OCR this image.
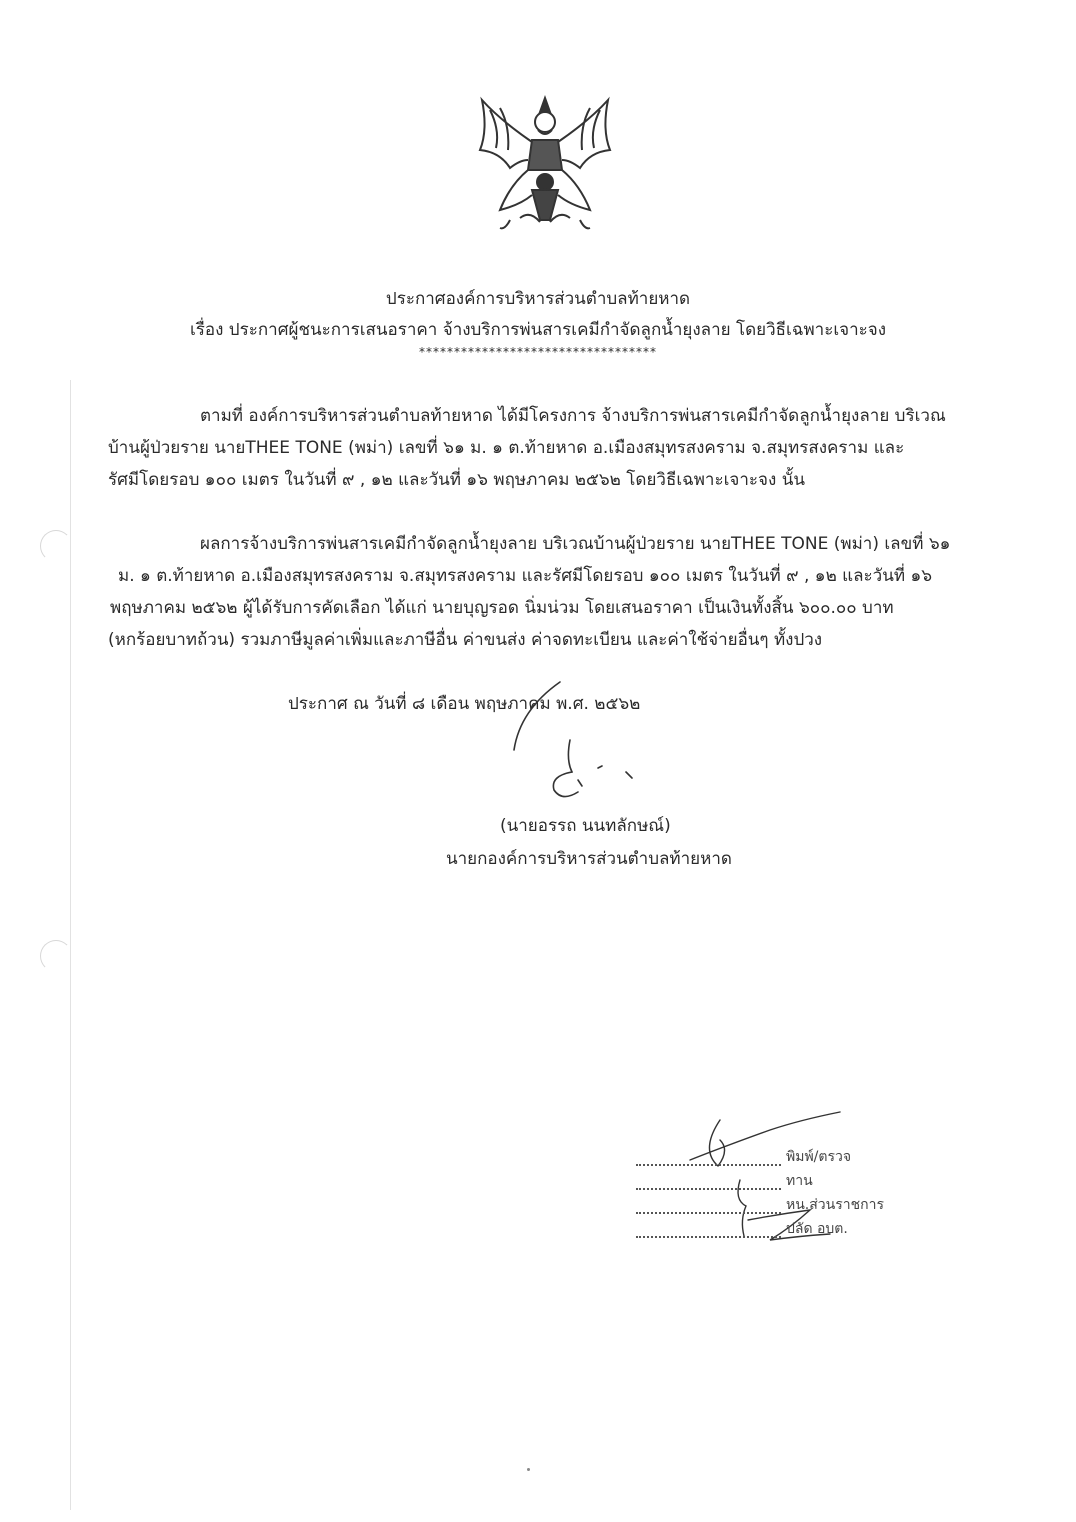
ประกาศองค์การบริหารส่วนตำบลท้ายหาด
เรื่อง ประกาศผู้ชนะการเสนอราคา จ้างบริการพ่นสารเคมีกำจัดลูกน้ำยุงลาย โดยวิธีเฉพาะเจาะจง
**********************************
ตามที่ องค์การบริหารส่วนตำบลท้ายหาด ได้มีโครงการ จ้างบริการพ่นสารเคมีกำจัดลูกน้ำยุงลาย บริเวณ
บ้านผู้ป่วยราย นายTHEE TONE (พม่า) เลขที่ ๖๑ ม. ๑ ต.ท้ายหาด อ.เมืองสมุทรสงคราม จ.สมุทรสงคราม และ
รัศมีโดยรอบ ๑๐๐ เมตร ในวันที่ ๙ , ๑๒ และวันที่ ๑๖ พฤษภาคม ๒๕๖๒ โดยวิธีเฉพาะเจาะจง นั้น
ผลการจ้างบริการพ่นสารเคมีกำจัดลูกน้ำยุงลาย บริเวณบ้านผู้ป่วยราย นายTHEE TONE (พม่า) เลขที่ ๖๑
ม. ๑ ต.ท้ายหาด อ.เมืองสมุทรสงคราม จ.สมุทรสงคราม และรัศมีโดยรอบ ๑๐๐ เมตร ในวันที่ ๙ , ๑๒ และวันที่ ๑๖
พฤษภาคม ๒๕๖๒ ผู้ได้รับการคัดเลือก ได้แก่ นายบุญรอด นิ่มน่วม โดยเสนอราคา เป็นเงินทั้งสิ้น ๖๐๐.๐๐ บาท
(หกร้อยบาทถ้วน) รวมภาษีมูลค่าเพิ่มและภาษีอื่น ค่าขนส่ง ค่าจดทะเบียน และค่าใช้จ่ายอื่นๆ ทั้งปวง
ประกาศ ณ วันที่ ๘ เดือน พฤษภาคม พ.ศ. ๒๕๖๒
(นายอรรถ นนทลักษณ์)
นายกองค์การบริหารส่วนตำบลท้ายหาด
พิมพ์/ตรวจ
ทาน
หน.ส่วนราชการ
ปลัด อบต.
